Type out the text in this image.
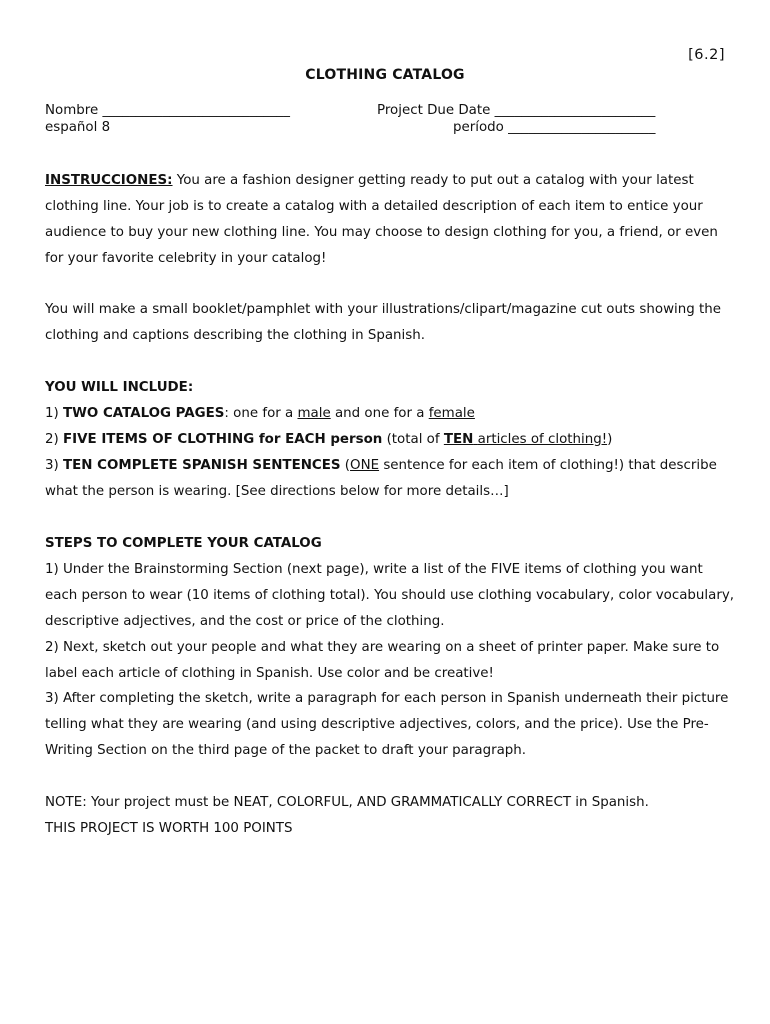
[6.2]
CLOTHING CATALOG
Nombre ____________________________	Project Due Date ________________________
español 8	período ______________________

INSTRUCCIONES: You are a fashion designer getting ready to put out a catalog with your latest clothing line. Your job is to create a catalog with a detailed description of each item to entice your audience to buy your new clothing line. You may choose to design clothing for you, a friend, or even for your favorite celebrity in your catalog!

You will make a small booklet/pamphlet with your illustrations/clipart/magazine cut outs showing the clothing and captions describing the clothing in Spanish.

YOU WILL INCLUDE:

1) TWO CATALOG PAGES: one for a male and one for a female

2) FIVE ITEMS OF CLOTHING for EACH person (total of TEN articles of clothing!)

3) TEN COMPLETE SPANISH SENTENCES (ONE sentence for each item of clothing!) that describe what the person is wearing. [See directions below for more details…]

STEPS TO COMPLETE YOUR CATALOG

1) Under the Brainstorming Section (next page), write a list of the FIVE items of clothing you want each person to wear (10 items of clothing total). You should use clothing vocabulary, color vocabulary, descriptive adjectives, and the cost or price of the clothing.

2) Next, sketch out your people and what they are wearing on a sheet of printer paper. Make sure to label each article of clothing in Spanish. Use color and be creative!

3) After completing the sketch, write a paragraph for each person in Spanish underneath their picture telling what they are wearing (and using descriptive adjectives, colors, and the price). Use the Pre-Writing Section on the third page of the packet to draft your paragraph.

NOTE: Your project must be NEAT, COLORFUL, AND GRAMMATICALLY CORRECT in Spanish.

THIS PROJECT IS WORTH 100 POINTS
